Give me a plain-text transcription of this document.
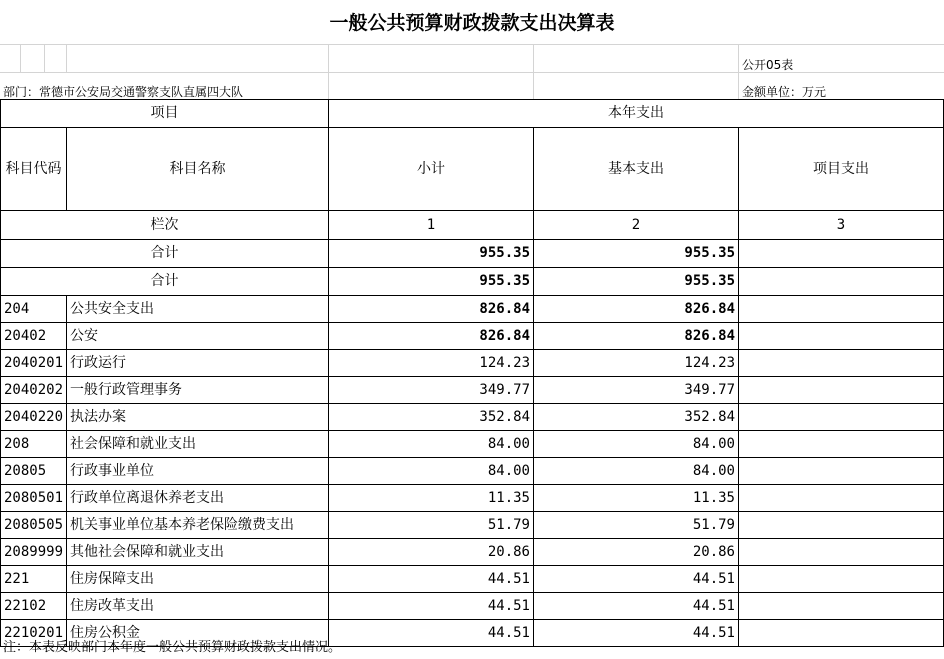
一般公共预算财政拨款支出决算表
公开05表
部门：常德市公安局交通警察支队直属四大队	金额单位：万元
项目		本年支出		
科目代码	科目名称	小计	基本支出	项目支出
栏次		1	2	3
合计		955.35	955.35	
合计		955.35	955.35	
204	公共安全支出	826.84	826.84	
20402	公安	826.84	826.84	
2040201	行政运行	124.23	124.23	
2040202	一般行政管理事务	349.77	349.77	
2040220	执法办案	352.84	352.84	
208	社会保障和就业支出	84.00	84.00	
20805	行政事业单位	84.00	84.00	
2080501	行政单位离退休养老支出	11.35	11.35	
2080505	机关事业单位基本养老保险缴费支出	51.79	51.79	
2089999	其他社会保障和就业支出	20.86	20.86	
221	住房保障支出	44.51	44.51	
22102	住房改革支出	44.51	44.51	
2210201	住房公积金	44.51	44.51	
注：本表反映部门本年度一般公共预算财政拨款支出情况。
